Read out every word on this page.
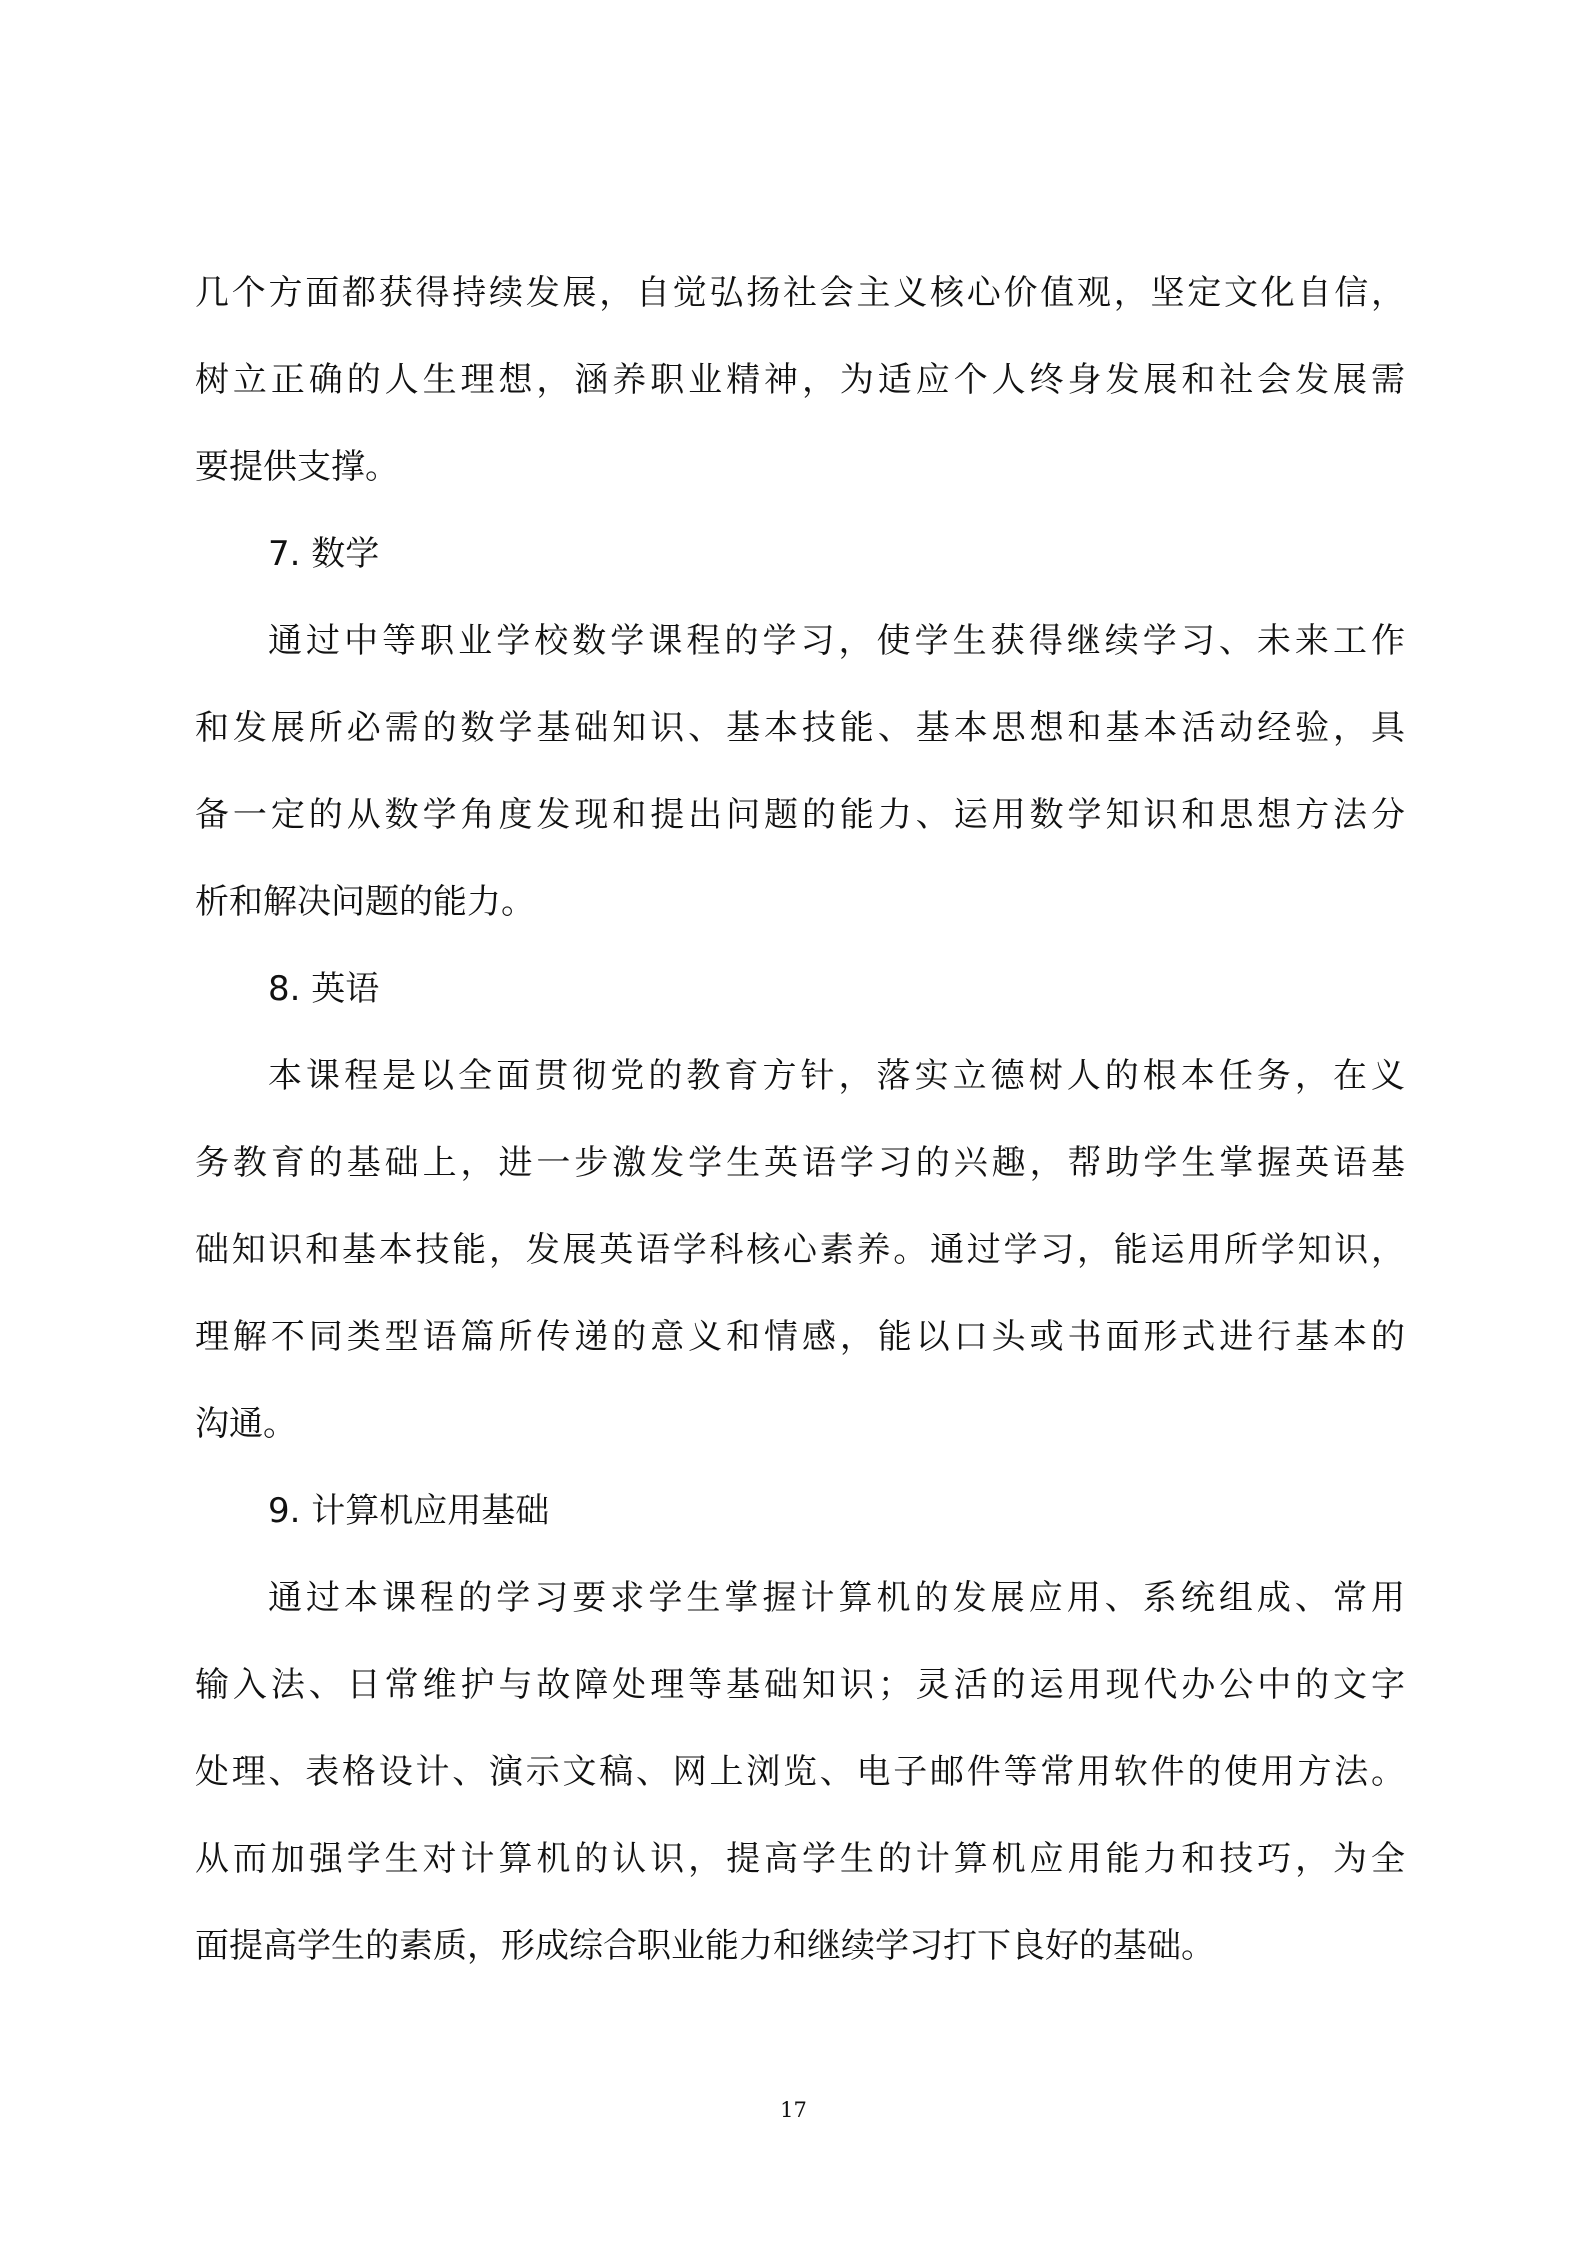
几个方面都获得持续发展，自觉弘扬社会主义核心价值观，坚定文化自信，
树立正确的人生理想，涵养职业精神，为适应个人终身发展和社会发展需
要提供支撑。
7. 数学
通过中等职业学校数学课程的学习，使学生获得继续学习、未来工作
和发展所必需的数学基础知识、基本技能、基本思想和基本活动经验，具
备一定的从数学角度发现和提出问题的能力、运用数学知识和思想方法分
析和解决问题的能力。
8. 英语
本课程是以全面贯彻党的教育方针，落实立德树人的根本任务，在义
务教育的基础上，进一步激发学生英语学习的兴趣，帮助学生掌握英语基
础知识和基本技能，发展英语学科核心素养。通过学习，能运用所学知识，
理解不同类型语篇所传递的意义和情感，能以口头或书面形式进行基本的
沟通。
9. 计算机应用基础
通过本课程的学习要求学生掌握计算机的发展应用、系统组成、常用
输入法、日常维护与故障处理等基础知识；灵活的运用现代办公中的文字
处理、表格设计、演示文稿、网上浏览、电子邮件等常用软件的使用方法。
从而加强学生对计算机的认识，提高学生的计算机应用能力和技巧，为全
面提高学生的素质，形成综合职业能力和继续学习打下良好的基础。
17
